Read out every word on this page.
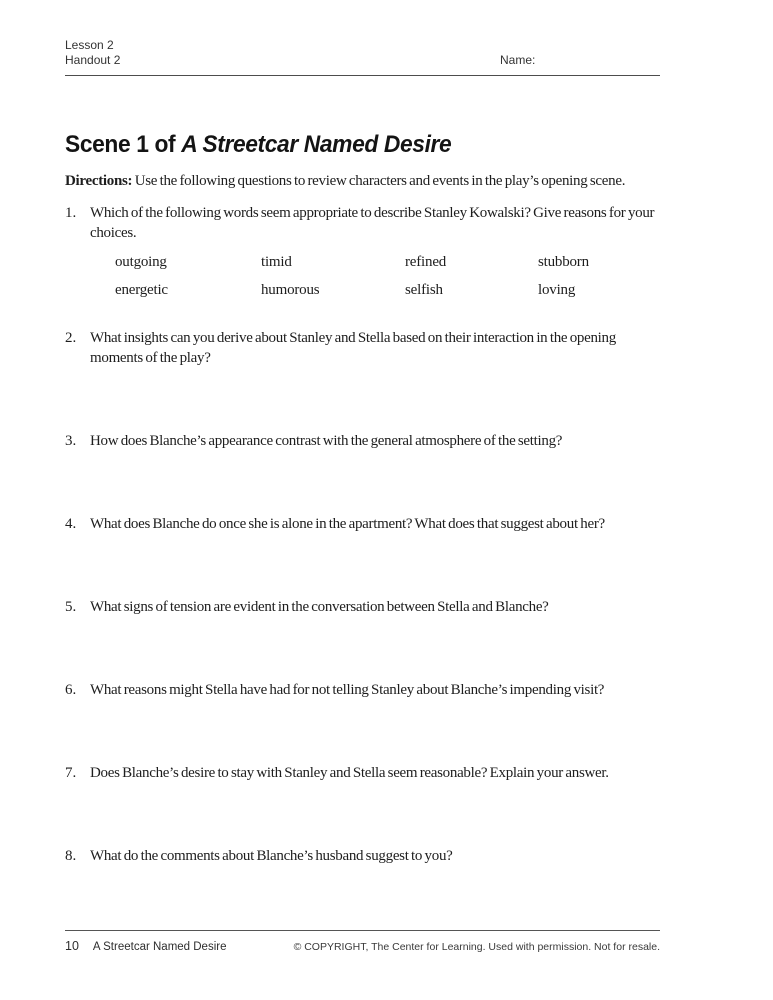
Lesson 2
Handout 2	Name:
Scene 1 of A Streetcar Named Desire

Directions: Use the following questions to review characters and events in the play’s opening scene.

1. Which of the following words seem appropriate to describe Stanley Kowalski? Give reasons for your choices.
outgoing	timid	refined	stubborn
energetic	humorous	selfish	loving
2. What insights can you derive about Stanley and Stella based on their interaction in the opening moments of the play?
3. How does Blanche’s appearance contrast with the general atmosphere of the setting?
4. What does Blanche do once she is alone in the apartment? What does that suggest about her?
5. What signs of tension are evident in the conversation between Stella and Blanche?
6. What reasons might Stella have had for not telling Stanley about Blanche’s impending visit?
7. Does Blanche’s desire to stay with Stanley and Stella seem reasonable? Explain your answer.
8. What do the comments about Blanche’s husband suggest to you?
10 A Streetcar Named Desire	© COPYRIGHT, The Center for Learning. Used with permission. Not for resale.
